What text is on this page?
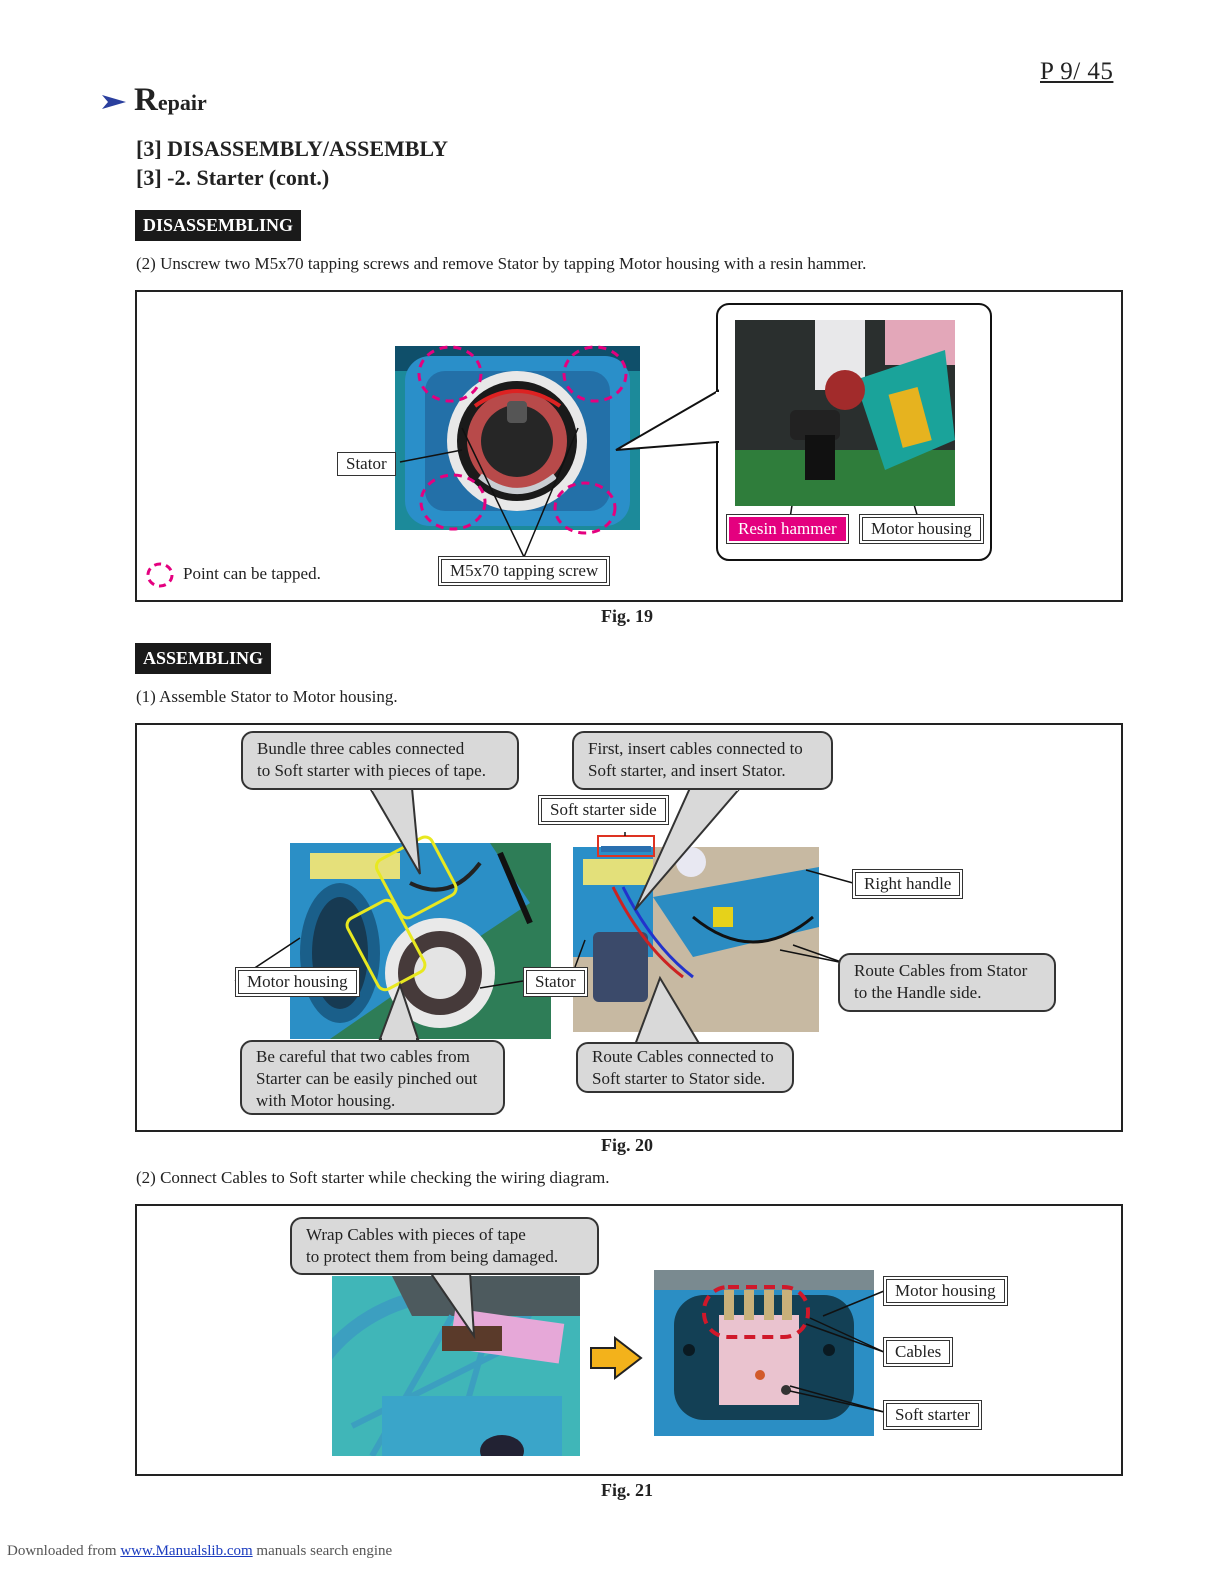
P 9/ 45
Repair
[3] DISASSEMBLY/ASSEMBLY
[3] -2. Starter (cont.)
DISASSEMBLING
(2) Unscrew two M5x70 tapping screws and remove Stator by tapping Motor housing with a resin hammer.
Stator
M5x70 tapping screw
Resin hammer	Motor housing
Point can be tapped.
Fig. 19
ASSEMBLING
(1) Assemble Stator to Motor housing.
Bundle three cables connected
to Soft starter with pieces of tape.
First, insert cables connected to
Soft starter, and insert Stator.
Soft starter side
Right handle
Motor housing	Stator
Route Cables from Stator
to the Handle side.
Be careful that two cables from
Starter can be easily pinched out
with Motor housing.
Route Cables connected to
Soft starter to Stator side.
Fig. 20
(2) Connect Cables to Soft starter while checking the wiring diagram.
Wrap Cables with pieces of tape
to protect them from being damaged.
Motor housing
Cables
Soft starter
Fig. 21
Downloaded from www.Manualslib.com manuals search engine
